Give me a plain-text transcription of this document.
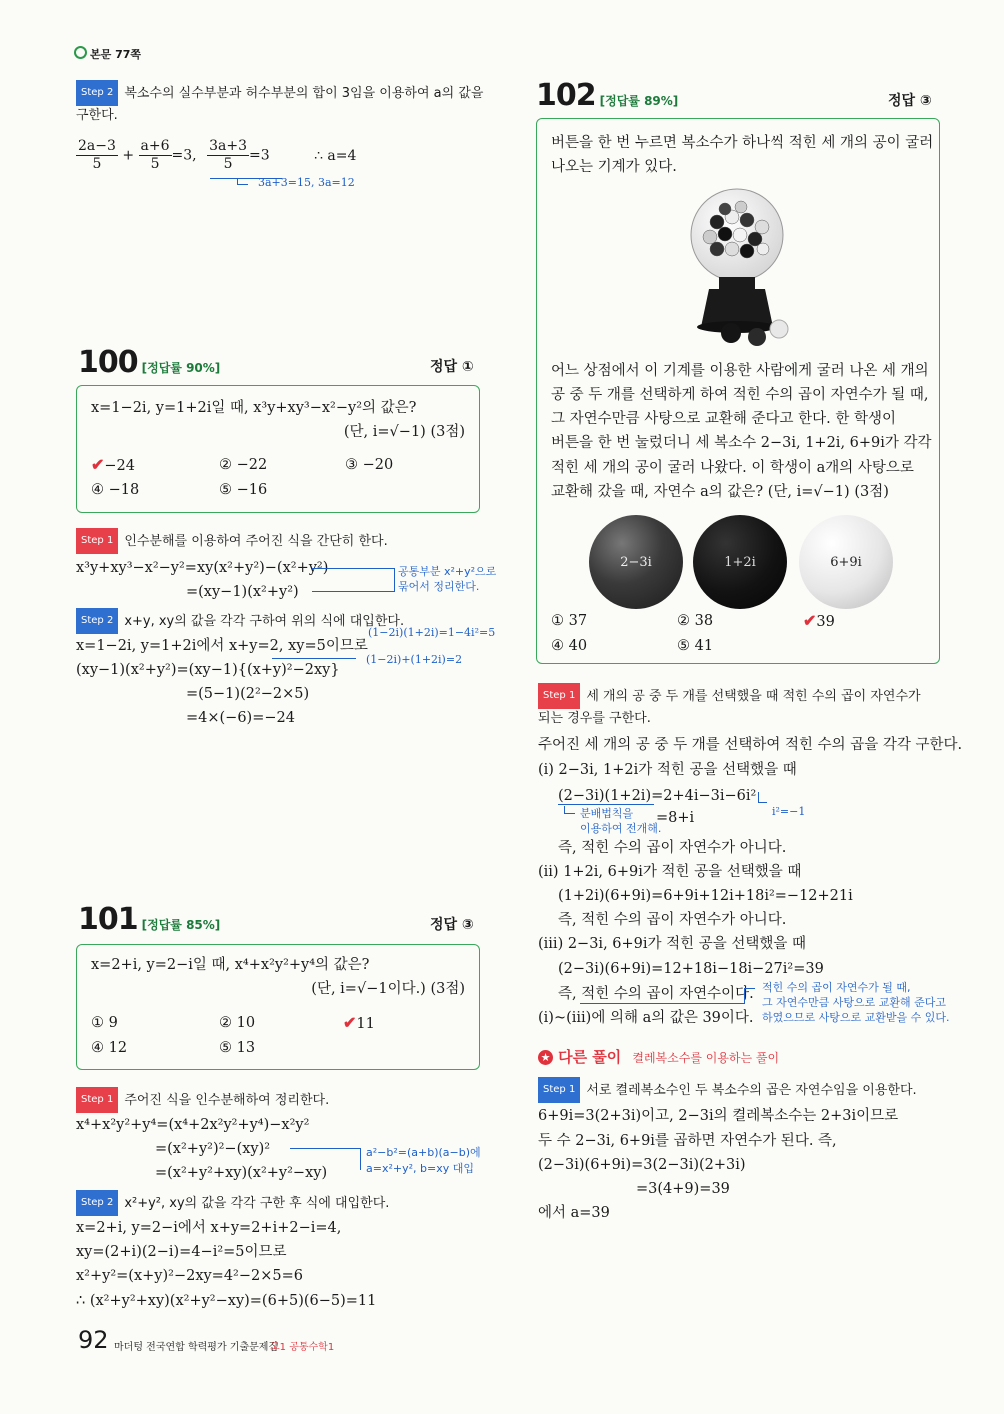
본문 77쪽
Step 2 복소수의 실수부분과 허수부분의 합이 3임을 이용하여 a의 값을
구한다.
$\frac{2a-3}{5} + \frac{a+6}{5} =3$, $\frac{3a+3}{5} =3$	∴ a=4
3a+3=15, 3a=12
100 [정답률 90%]	정답 ①
x=1−2i, y=1+2i일 때, x³y+xy³−x²−y²의 값은?
(단, i=√−1) (3점)
✔−24	② −22	③ −20
④ −18	⑤ −16
Step 1 인수분해를 이용하여 주어진 식을 간단히 한다.
x³y+xy³−x²−y²=xy(x²+y²)−(x²+y²)
=(xy−1)(x²+y²)
공통부분 x²+y²으로
묶어서 정리한다.
Step 2 x+y, xy의 값을 각각 구하여 위의 식에 대입한다.
(1−2i)(1+2i)=1−4i²=5
x=1−2i, y=1+2i에서 x+y=2, xy=5이므로
(1−2i)+(1+2i)=2
(xy−1)(x²+y²)=(xy−1){(x+y)²−2xy}
=(5−1)(2²−2×5)
=4×(−6)=−24
101 [정답률 85%]	정답 ③
x=2+i, y=2−i일 때, x⁴+x²y²+y⁴의 값은?
(단, i=√−1이다.) (3점)
① 9	② 10	✔11
④ 12	⑤ 13
Step 1 주어진 식을 인수분해하여 정리한다.
x⁴+x²y²+y⁴=(x⁴+2x²y²+y⁴)−x²y²
=(x²+y²)²−(xy)²
=(x²+y²+xy)(x²+y²−xy)
a²−b²=(a+b)(a−b)에
a=x²+y², b=xy 대입
Step 2 x²+y², xy의 값을 각각 구한 후 식에 대입한다.
x=2+i, y=2−i에서 x+y=2+i+2−i=4,
xy=(2+i)(2−i)=4−i²=5이므로
x²+y²=(x+y)²−2xy=4²−2×5=6
∴ (x²+y²+xy)(x²+y²−xy)=(6+5)(6−5)=11
102 [정답률 89%]	정답 ③
버튼을 한 번 누르면 복소수가 하나씩 적힌 세 개의 공이 굴러
나오는 기계가 있다.
어느 상점에서 이 기계를 이용한 사람에게 굴러 나온 세 개의
공 중 두 개를 선택하게 하여 적힌 수의 곱이 자연수가 될 때,
그 자연수만큼 사탕으로 교환해 준다고 한다. 한 학생이
버튼을 한 번 눌렀더니 세 복소수 2−3i, 1+2i, 6+9i가 각각
적힌 세 개의 공이 굴러 나왔다. 이 학생이 a개의 사탕으로
교환해 갔을 때, 자연수 a의 값은? (단, i=√−1) (3점)
2−3i	1+2i	6+9i
① 37	② 38	✔39
④ 40	⑤ 41
Step 1 세 개의 공 중 두 개를 선택했을 때 적힌 수의 곱이 자연수가
되는 경우를 구한다.
주어진 세 개의 공 중 두 개를 선택하여 적힌 수의 곱을 각각 구한다.
(i) 2−3i, 1+2i가 적힌 공을 선택했을 때
(2−3i)(1+2i)=2+4i−3i−6i²
분배법칙을
이용하여 전개해.
=8+i	i²=−1
즉, 적힌 수의 곱이 자연수가 아니다.
(ii) 1+2i, 6+9i가 적힌 공을 선택했을 때
(1+2i)(6+9i)=6+9i+12i+18i²=−12+21i
즉, 적힌 수의 곱이 자연수가 아니다.
(iii) 2−3i, 6+9i가 적힌 공을 선택했을 때
(2−3i)(6+9i)=12+18i−18i−27i²=39
즉, 적힌 수의 곱이 자연수이다. 적힌 수의 곱이 자연수가 될 때,
그 자연수만큼 사탕으로 교환해 준다고
하였으므로 사탕으로 교환받을 수 있다.
(i)~(iii)에 의해 a의 값은 39이다.
★ 다른 풀이 켤레복소수를 이용하는 풀이
Step 1 서로 켤레복소수인 두 복소수의 곱은 자연수임을 이용한다.
6+9i=3(2+3i)이고, 2−3i의 켤레복소수는 2+3i이므로
두 수 2−3i, 6+9i를 곱하면 자연수가 된다. 즉,
(2−3i)(6+9i)=3(2−3i)(2+3i)
=3(4+9)=39
에서 a=39
92 마더텅 전국연합 학력평가 기출문제집
고1 공통수학1
